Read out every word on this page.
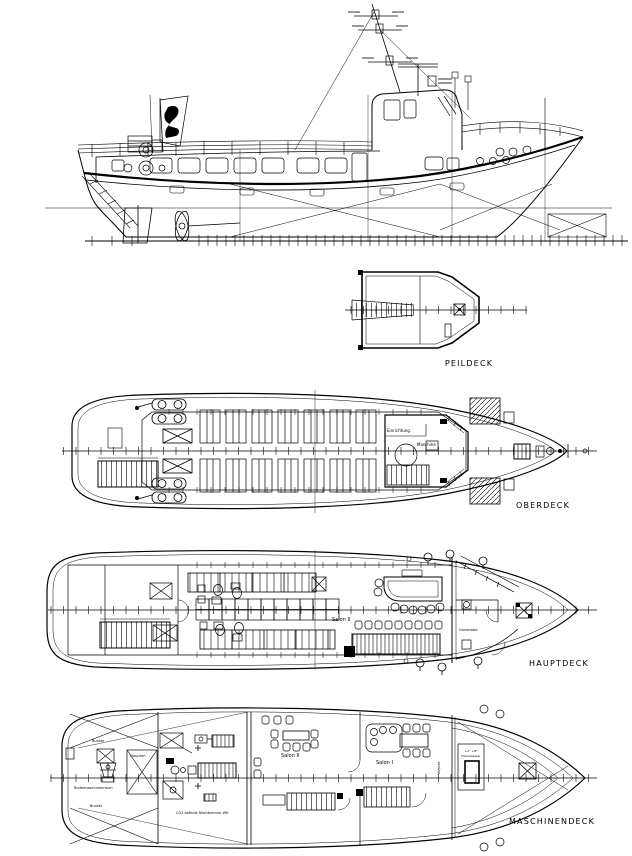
PEILDECK
Einrichtung.
Maschine
OBERDECK
Salon II
Garderobe
HAUPTDECK
Bunker
Flaschen
Rudermaschinenraum
Bunker
CO2 befinde Nachbrenner WK
Salon II
Salon I	Vorpiek
+2° +8°
Frischwasser
MASCHINENDECK
